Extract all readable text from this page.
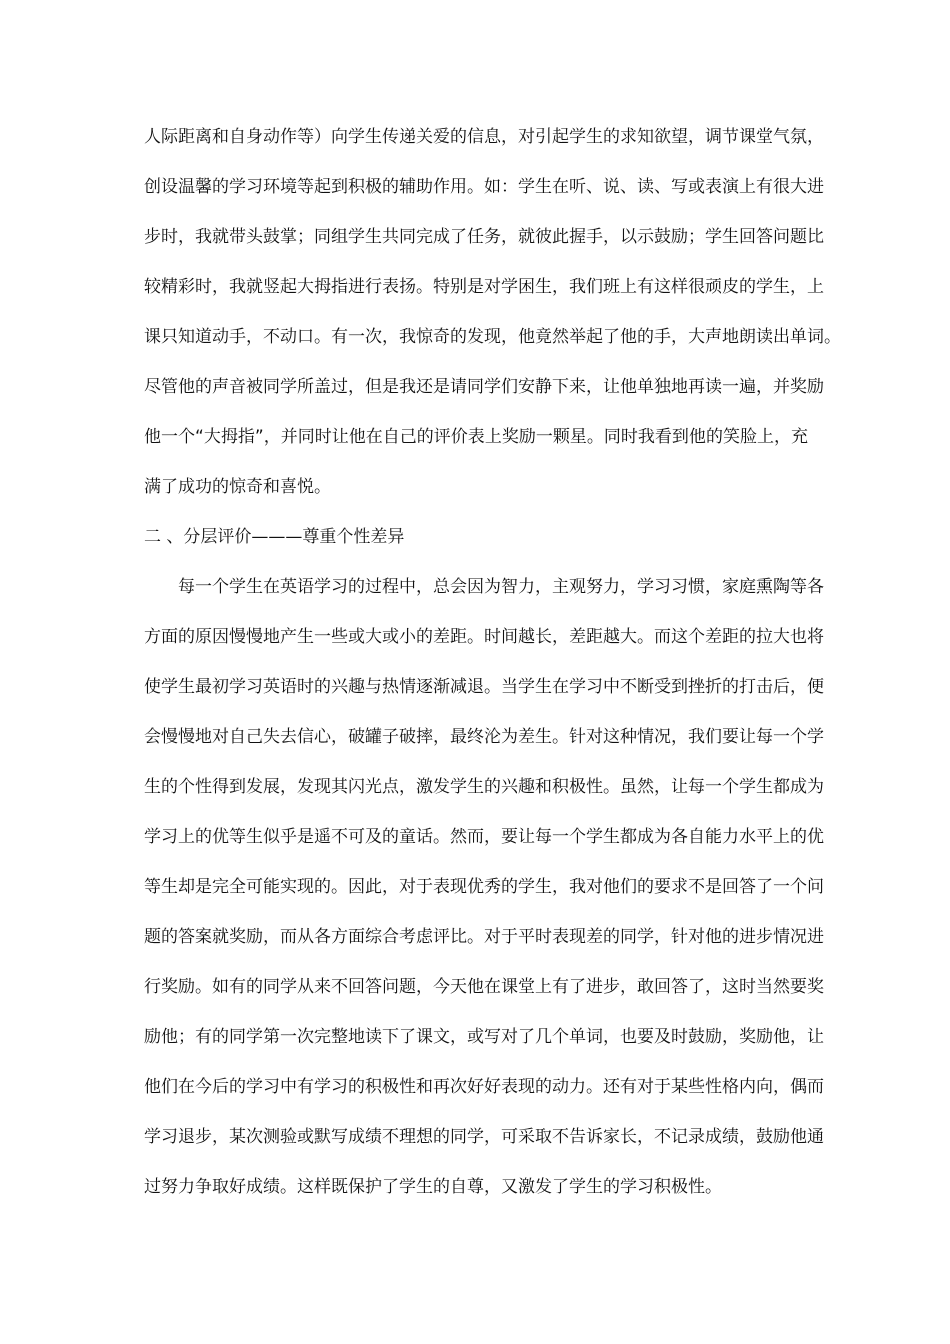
人际距离和自身动作等）向学生传递关爱的信息，对引起学生的求知欲望，调节课堂气氛，
创设温馨的学习环境等起到积极的辅助作用。如：学生在听、说、读、写或表演上有很大进
步时，我就带头鼓掌；同组学生共同完成了任务，就彼此握手，以示鼓励；学生回答问题比
较精彩时，我就竖起大拇指进行表扬。特别是对学困生，我们班上有这样很顽皮的学生，上
课只知道动手，不动口。有一次，我惊奇的发现，他竟然举起了他的手，大声地朗读出单词。
尽管他的声音被同学所盖过，但是我还是请同学们安静下来，让他单独地再读一遍，并奖励
他一个“大拇指”，并同时让他在自己的评价表上奖励一颗星。同时我看到他的笑脸上，充
满了成功的惊奇和喜悦。
二 、分层评价———尊重个性差异
每一个学生在英语学习的过程中，总会因为智力，主观努力，学习习惯，家庭熏陶等各
方面的原因慢慢地产生一些或大或小的差距。时间越长，差距越大。而这个差距的拉大也将
使学生最初学习英语时的兴趣与热情逐渐减退。当学生在学习中不断受到挫折的打击后，便
会慢慢地对自己失去信心，破罐子破摔，最终沦为差生。针对这种情况，我们要让每一个学
生的个性得到发展，发现其闪光点，激发学生的兴趣和积极性。虽然，让每一个学生都成为
学习上的优等生似乎是遥不可及的童话。然而，要让每一个学生都成为各自能力水平上的优
等生却是完全可能实现的。因此，对于表现优秀的学生，我对他们的要求不是回答了一个问
题的答案就奖励，而从各方面综合考虑评比。对于平时表现差的同学，针对他的进步情况进
行奖励。如有的同学从来不回答问题，今天他在课堂上有了进步，敢回答了，这时当然要奖
励他；有的同学第一次完整地读下了课文，或写对了几个单词，也要及时鼓励，奖励他，让
他们在今后的学习中有学习的积极性和再次好好表现的动力。还有对于某些性格内向，偶而
学习退步，某次测验或默写成绩不理想的同学，可采取不告诉家长，不记录成绩，鼓励他通
过努力争取好成绩。这样既保护了学生的自尊，又激发了学生的学习积极性。
